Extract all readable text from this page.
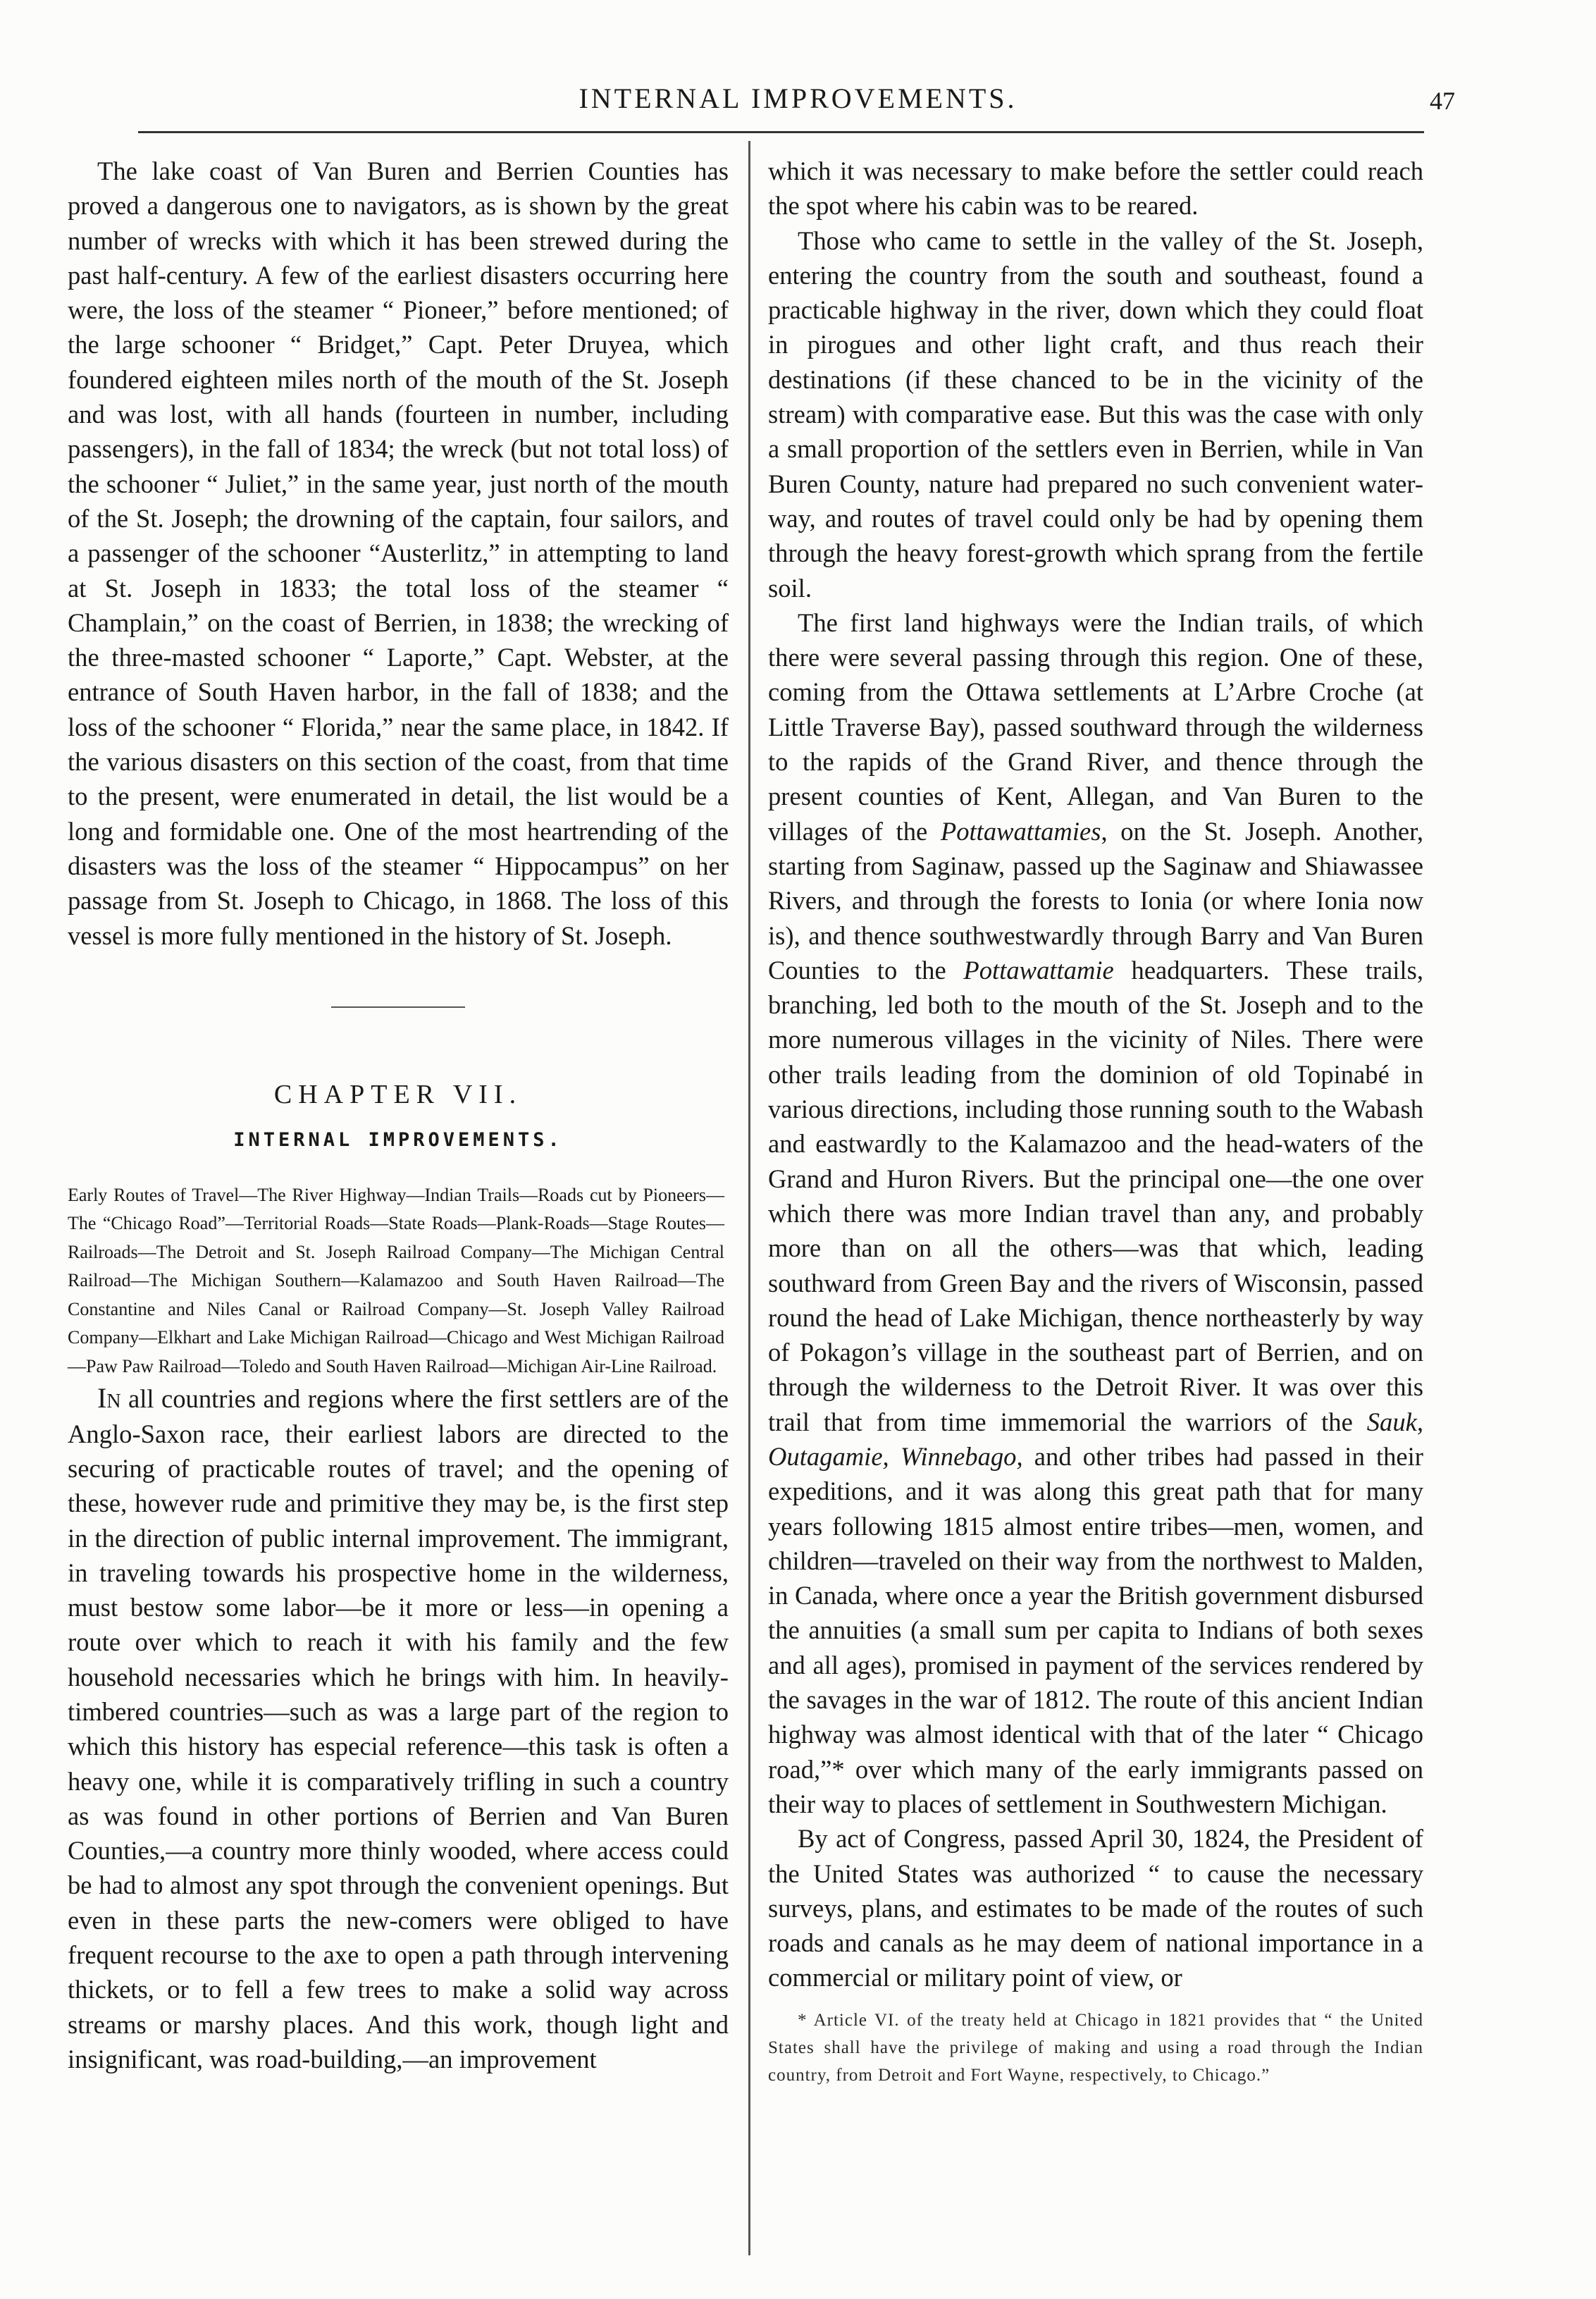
INTERNAL IMPROVEMENTS.	47

The lake coast of Van Buren and Berrien Counties has proved a dangerous one to navigators, as is shown by the great number of wrecks with which it has been strewed during the past half-century. A few of the earliest disasters occurring here were, the loss of the steamer “ Pioneer,” before mentioned; of the large schooner “ Bridget,” Capt. Peter Druyea, which foundered eighteen miles north of the mouth of the St. Joseph and was lost, with all hands (fourteen in number, including passengers), in the fall of 1834; the wreck (but not total loss) of the schooner “ Juliet,” in the same year, just north of the mouth of the St. Joseph; the drowning of the captain, four sailors, and a passenger of the schooner “Austerlitz,” in attempting to land at St. Joseph in 1833; the total loss of the steamer “ Champlain,” on the coast of Berrien, in 1838; the wrecking of the three-masted schooner “ Laporte,” Capt. Webster, at the entrance of South Haven harbor, in the fall of 1838; and the loss of the schooner “ Florida,” near the same place, in 1842. If the various disasters on this section of the coast, from that time to the present, were enumerated in detail, the list would be a long and formidable one. One of the most heartrending of the disasters was the loss of the steamer “ Hippocampus” on her passage from St. Joseph to Chicago, in 1868. The loss of this vessel is more fully mentioned in the history of St. Joseph.

CHAPTER VII.
INTERNAL IMPROVEMENTS.

Early Routes of Travel—The River Highway—Indian Trails—Roads cut by Pioneers—The “Chicago Road”—Territorial Roads—State Roads—Plank-Roads—Stage Routes—Railroads—The Detroit and St. Joseph Railroad Company—The Michigan Central Railroad—The Michigan Southern—Kalamazoo and South Haven Railroad—The Constantine and Niles Canal or Railroad Company—St. Joseph Valley Railroad Company—Elkhart and Lake Michigan Railroad—Chicago and West Michigan Railroad—Paw Paw Railroad—Toledo and South Haven Railroad—Michigan Air-Line Railroad.

In all countries and regions where the first settlers are of the Anglo-Saxon race, their earliest labors are directed to the securing of practicable routes of travel; and the opening of these, however rude and primitive they may be, is the first step in the direction of public internal improvement. The immigrant, in traveling towards his prospective home in the wilderness, must bestow some labor—be it more or less—in opening a route over which to reach it with his family and the few household necessaries which he brings with him. In heavily-timbered countries—such as was a large part of the region to which this history has especial reference—this task is often a heavy one, while it is comparatively trifling in such a country as was found in other portions of Berrien and Van Buren Counties,—a country more thinly wooded, where access could be had to almost any spot through the convenient openings. But even in these parts the new-comers were obliged to have frequent recourse to the axe to open a path through intervening thickets, or to fell a few trees to make a solid way across streams or marshy places. And this work, though light and insignificant, was road-building,—an improvement

which it was necessary to make before the settler could reach the spot where his cabin was to be reared.

Those who came to settle in the valley of the St. Joseph, entering the country from the south and southeast, found a practicable highway in the river, down which they could float in pirogues and other light craft, and thus reach their destinations (if these chanced to be in the vicinity of the stream) with comparative ease. But this was the case with only a small proportion of the settlers even in Berrien, while in Van Buren County, nature had prepared no such convenient water-way, and routes of travel could only be had by opening them through the heavy forest-growth which sprang from the fertile soil.

The first land highways were the Indian trails, of which there were several passing through this region. One of these, coming from the Ottawa settlements at L’Arbre Croche (at Little Traverse Bay), passed southward through the wilderness to the rapids of the Grand River, and thence through the present counties of Kent, Allegan, and Van Buren to the villages of the Pottawattamies, on the St. Joseph. Another, starting from Saginaw, passed up the Saginaw and Shiawassee Rivers, and through the forests to Ionia (or where Ionia now is), and thence southwestwardly through Barry and Van Buren Counties to the Pottawattamie headquarters. These trails, branching, led both to the mouth of the St. Joseph and to the more numerous villages in the vicinity of Niles. There were other trails leading from the dominion of old Topinabé in various directions, including those running south to the Wabash and eastwardly to the Kalamazoo and the head-waters of the Grand and Huron Rivers. But the principal one—the one over which there was more Indian travel than any, and probably more than on all the others—was that which, leading southward from Green Bay and the rivers of Wisconsin, passed round the head of Lake Michigan, thence northeasterly by way of Pokagon’s village in the southeast part of Berrien, and on through the wilderness to the Detroit River. It was over this trail that from time immemorial the warriors of the Sauk, Outagamie, Winnebago, and other tribes had passed in their expeditions, and it was along this great path that for many years following 1815 almost entire tribes—men, women, and children—traveled on their way from the northwest to Malden, in Canada, where once a year the British government disbursed the annuities (a small sum per capita to Indians of both sexes and all ages), promised in payment of the services rendered by the savages in the war of 1812. The route of this ancient Indian highway was almost identical with that of the later “ Chicago road,”* over which many of the early immigrants passed on their way to places of settlement in Southwestern Michigan.

By act of Congress, passed April 30, 1824, the President of the United States was authorized “ to cause the necessary surveys, plans, and estimates to be made of the routes of such roads and canals as he may deem of national importance in a commercial or military point of view, or

* Article VI. of the treaty held at Chicago in 1821 provides that “ the United States shall have the privilege of making and using a road through the Indian country, from Detroit and Fort Wayne, respectively, to Chicago.”
